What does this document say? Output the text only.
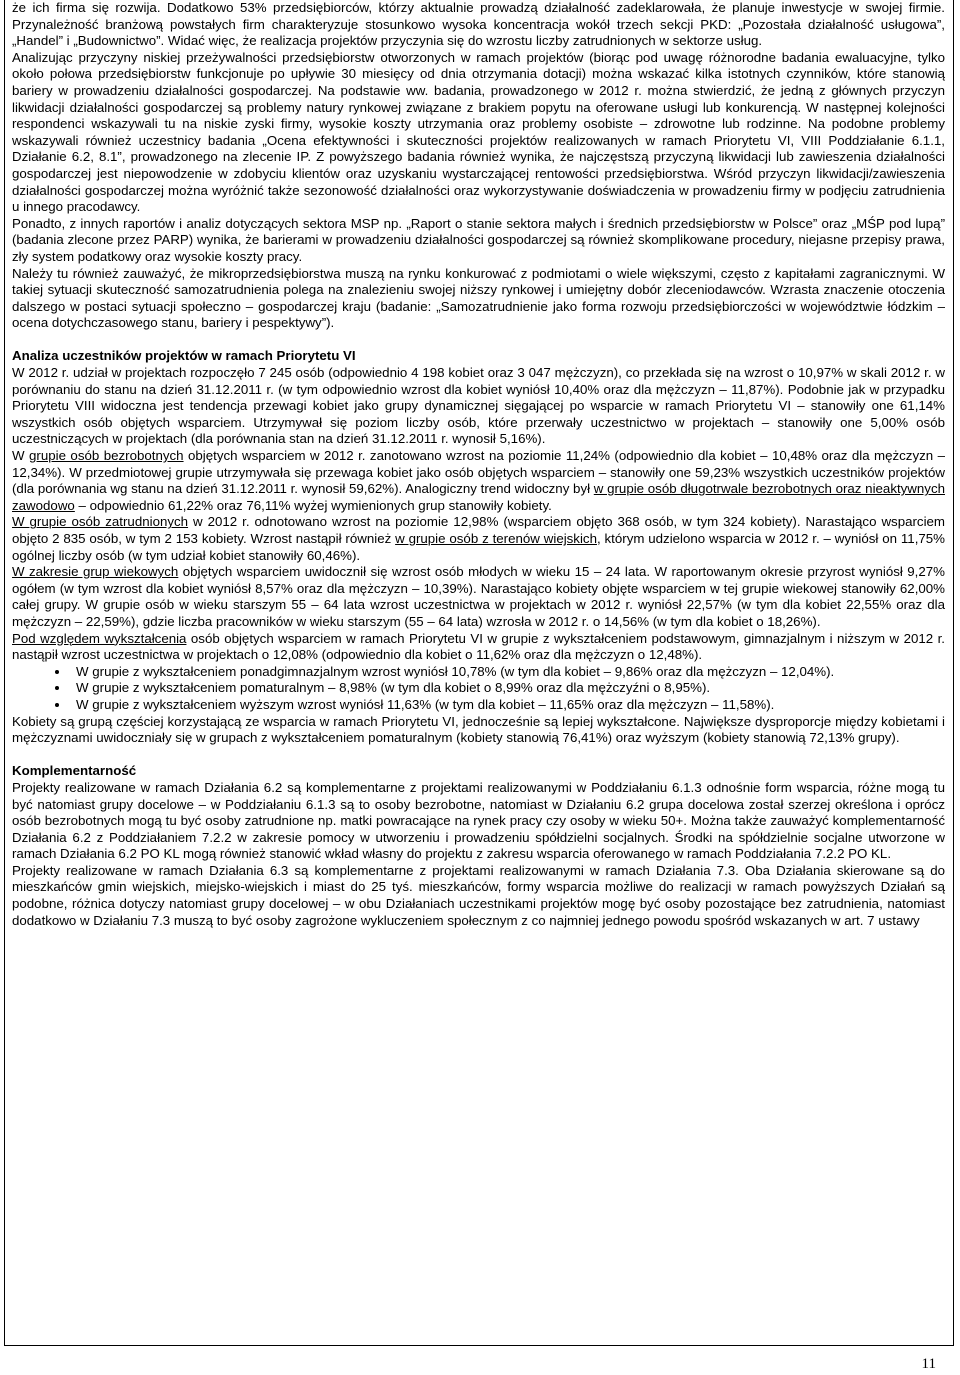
że ich firma się rozwija. Dodatkowo 53% przedsiębiorców, którzy aktualnie prowadzą działalność zadeklarowała, że planuje inwestycje w swojej firmie. Przynależność branżową powstałych firm charakteryzuje stosunkowo wysoka koncentracja wokół trzech sekcji PKD: „Pozostała działalność usługowa”, „Handel” i „Budownictwo”. Widać więc, że realizacja projektów przyczynia się do wzrostu liczby zatrudnionych w sektorze usług.

Analizując przyczyny niskiej przeżywalności przedsiębiorstw otworzonych w ramach projektów (biorąc pod uwagę różnorodne badania ewaluacyjne, tylko około połowa przedsiębiorstw funkcjonuje po upływie 30 miesięcy od dnia otrzymania dotacji) można wskazać kilka istotnych czynników, które stanowią bariery w prowadzeniu działalności gospodarczej. Na podstawie ww. badania, prowadzonego w 2012 r. można stwierdzić, że jedną z głównych przyczyn likwidacji działalności gospodarczej są problemy natury rynkowej związane z brakiem popytu na oferowane usługi lub konkurencją. W następnej kolejności respondenci wskazywali tu na niskie zyski firmy, wysokie koszty utrzymania oraz problemy osobiste – zdrowotne lub rodzinne. Na podobne problemy wskazywali również uczestnicy badania „Ocena efektywności i skuteczności projektów realizowanych w ramach Priorytetu VI, VIII Poddziałanie 6.1.1, Działanie 6.2, 8.1”, prowadzonego na zlecenie IP. Z powyższego badania również wynika, że najczęstszą przyczyną likwidacji lub zawieszenia działalności gospodarczej jest niepowodzenie w zdobyciu klientów oraz uzyskaniu wystarczającej rentowości przedsiębiorstwa. Wśród przyczyn likwidacji/zawieszenia działalności gospodarczej można wyróżnić także sezonowość działalności oraz wykorzystywanie doświadczenia w prowadzeniu firmy w podjęciu zatrudnienia u innego pracodawcy.

Ponadto, z innych raportów i analiz dotyczących sektora MSP np. „Raport o stanie sektora małych i średnich przedsiębiorstw w Polsce” oraz „MŚP pod lupą” (badania zlecone przez PARP) wynika, że barierami w prowadzeniu działalności gospodarczej są również skomplikowane procedury, niejasne przepisy prawa, zły system podatkowy oraz wysokie koszty pracy.

Należy tu również zauważyć, że mikroprzedsiębiorstwa muszą na rynku konkurować z podmiotami o wiele większymi, często z kapitałami zagranicznymi. W takiej sytuacji skuteczność samozatrudnienia polega na znalezieniu swojej niższy rynkowej i umiejętny dobór zleceniodawców. Wzrasta znaczenie otoczenia dalszego w postaci sytuacji społeczno – gospodarczej kraju (badanie: „Samozatrudnienie jako forma rozwoju przedsiębiorczości w województwie łódzkim – ocena dotychczasowego stanu, bariery i pespektywy”).

Analiza uczestników projektów w ramach Priorytetu VI

W 2012 r. udział w projektach rozpoczęło 7 245 osób (odpowiednio 4 198 kobiet oraz 3 047 mężczyzn), co przekłada się na wzrost o 10,97% w skali 2012 r. w porównaniu do stanu na dzień 31.12.2011 r. (w tym odpowiednio wzrost dla kobiet wyniósł 10,40% oraz dla mężczyzn – 11,87%). Podobnie jak w przypadku Priorytetu VIII widoczna jest tendencja przewagi kobiet jako grupy dynamicznej sięgającej po wsparcie w ramach Priorytetu VI – stanowiły one 61,14% wszystkich osób objętych wsparciem. Utrzymywał się poziom liczby osób, które przerwały uczestnictwo w projektach – stanowiły one 5,00% osób uczestniczących w projektach (dla porównania stan na dzień 31.12.2011 r. wynosił 5,16%).

W grupie osób bezrobotnych objętych wsparciem w 2012 r. zanotowano wzrost na poziomie 11,24% (odpowiednio dla kobiet – 10,48% oraz dla mężczyzn – 12,34%). W przedmiotowej grupie utrzymywała się przewaga kobiet jako osób objętych wsparciem – stanowiły one 59,23% wszystkich uczestników projektów (dla porównania wg stanu na dzień 31.12.2011 r. wynosił 59,62%). Analogiczny trend widoczny był w grupie osób długotrwale bezrobotnych oraz nieaktywnych zawodowo – odpowiednio 61,22% oraz 76,11% wyżej wymienionych grup stanowiły kobiety.

W grupie osób zatrudnionych w 2012 r. odnotowano wzrost na poziomie 12,98% (wsparciem objęto 368 osób, w tym 324 kobiety). Narastająco wsparciem objęto 2 835 osób, w tym 2 153 kobiety. Wzrost nastąpił również w grupie osób z terenów wiejskich, którym udzielono wsparcia w 2012 r. – wyniósł on 11,75% ogólnej liczby osób (w tym udział kobiet stanowiły 60,46%).

W zakresie grup wiekowych objętych wsparciem uwidocznił się wzrost osób młodych w wieku 15 – 24 lata. W raportowanym okresie przyrost wyniósł 9,27% ogółem (w tym wzrost dla kobiet wyniósł 8,57% oraz dla mężczyzn – 10,39%). Narastająco kobiety objęte wsparciem w tej grupie wiekowej stanowiły 62,00% całej grupy. W grupie osób w wieku starszym 55 – 64 lata wzrost uczestnictwa w projektach w 2012 r. wyniósł 22,57% (w tym dla kobiet 22,55% oraz dla mężczyzn – 22,59%), gdzie liczba pracowników w wieku starszym (55 – 64 lata) wzrosła w 2012 r. o 14,56% (w tym dla kobiet o 18,26%).

Pod względem wykształcenia osób objętych wsparciem w ramach Priorytetu VI w grupie z wykształceniem podstawowym, gimnazjalnym i niższym w 2012 r. nastąpił wzrost uczestnictwa w projektach o 12,08% (odpowiednio dla kobiet o 11,62% oraz dla mężczyzn o 12,48%).

• W grupie z wykształceniem ponadgimnazjalnym wzrost wyniósł 10,78% (w tym dla kobiet – 9,86% oraz dla mężczyzn – 12,04%).
• W grupie z wykształceniem pomaturalnym – 8,98% (w tym dla kobiet o 8,99% oraz dla mężczyźni o 8,95%).
• W grupie z wykształceniem wyższym wzrost wyniósł 11,63% (w tym dla kobiet – 11,65% oraz dla mężczyzn – 11,58%).

Kobiety są grupą częściej korzystającą ze wsparcia w ramach Priorytetu VI, jednocześnie są lepiej wykształcone. Największe dysproporcje między kobietami i mężczyznami uwidoczniały się w grupach z wykształceniem pomaturalnym (kobiety stanowią 76,41%) oraz wyższym (kobiety stanowią 72,13% grupy).

Komplementarność

Projekty realizowane w ramach Działania 6.2 są komplementarne z projektami realizowanymi w Poddziałaniu 6.1.3 odnośnie form wsparcia, różne mogą tu być natomiast grupy docelowe – w Poddziałaniu 6.1.3 są to osoby bezrobotne, natomiast w Działaniu 6.2 grupa docelowa został szerzej określona i oprócz osób bezrobotnych mogą tu być osoby zatrudnione np. matki powracające na rynek pracy czy osoby w wieku 50+. Można także zauważyć komplementarność Działania 6.2 z Poddziałaniem 7.2.2 w zakresie pomocy w utworzeniu i prowadzeniu spółdzielni socjalnych. Środki na spółdzielnie socjalne utworzone w ramach Działania 6.2 PO KL mogą również stanowić wkład własny do projektu z zakresu wsparcia oferowanego w ramach Poddziałania 7.2.2 PO KL.

Projekty realizowane w ramach Działania 6.3 są komplementarne z projektami realizowanymi w ramach Działania 7.3. Oba Działania skierowane są do mieszkańców gmin wiejskich, miejsko-wiejskich i miast do 25 tyś. mieszkańców, formy wsparcia możliwe do realizacji w ramach powyższych Działań są podobne, różnica dotyczy natomiast grupy docelowej – w obu Działaniach uczestnikami projektów mogę być osoby pozostające bez zatrudnienia, natomiast dodatkowo w Działaniu 7.3 muszą to być osoby zagrożone wykluczeniem społecznym z co najmniej jednego powodu spośród wskazanych w art. 7 ustawy

11
